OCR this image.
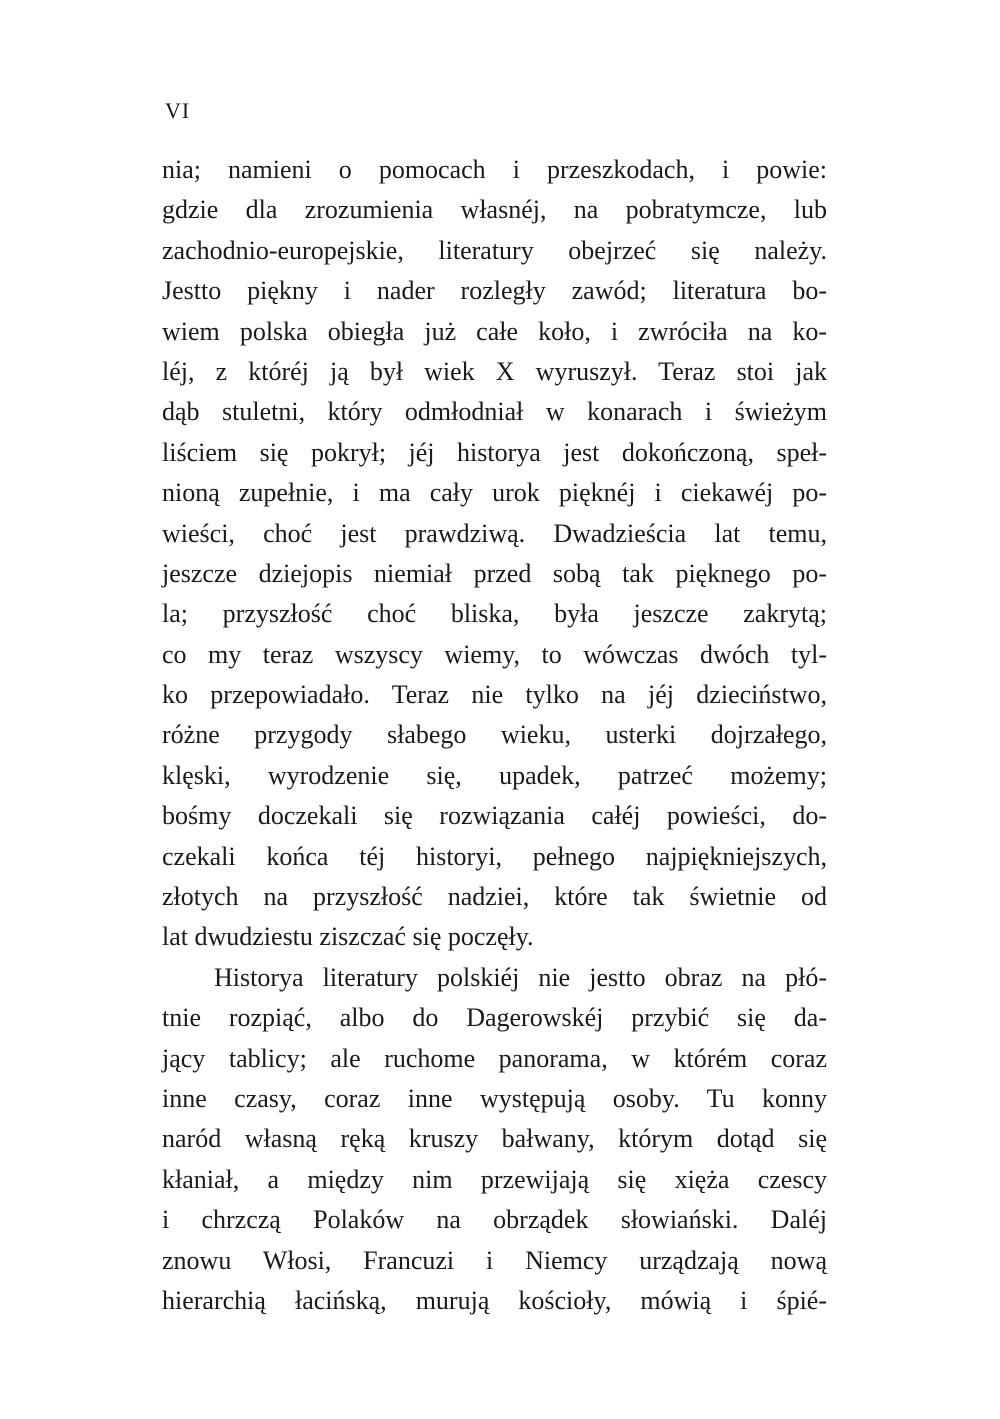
VI
nia; namieni o pomocach i przeszkodach, i powie:
gdzie dla zrozumienia własnéj, na pobratymcze, lub
zachodnio-europejskie, literatury obejrzeć się należy.
Jestto piękny i nader rozległy zawód; literatura bo-
wiem polska obiegła już całe koło, i zwróciła na ko-
léj, z któréj ją był wiek X wyruszył. Teraz stoi jak
dąb stuletni, który odmłodniał w konarach i świeżym
liściem się pokrył; jéj historya jest dokończoną, speł-
nioną zupełnie, i ma cały urok pięknéj i ciekawéj po-
wieści, choć jest prawdziwą. Dwadzieścia lat temu,
jeszcze dziejopis niemiał przed sobą tak pięknego po-
la; przyszłość choć bliska, była jeszcze zakrytą;
co my teraz wszyscy wiemy, to wówczas dwóch tyl-
ko przepowiadało. Teraz nie tylko na jéj dzieciństwo,
różne przygody słabego wieku, usterki dojrzałego,
klęski, wyrodzenie się, upadek, patrzeć możemy;
bośmy doczekali się rozwiązania całéj powieści, do-
czekali końca téj historyi, pełnego najpiękniejszych,
złotych na przyszłość nadziei, które tak świetnie od
lat dwudziestu ziszczać się poczęły.
Historya literatury polskiéj nie jestto obraz na płó-
tnie rozpiąć, albo do Dagerowskéj przybić się da-
jący tablicy; ale ruchome panorama, w którém coraz
inne czasy, coraz inne występują osoby. Tu konny
naród własną ręką kruszy bałwany, którym dotąd się
kłaniał, a między nim przewijają się xięża czescy
i chrzczą Polaków na obrządek słowiański. Daléj
znowu Włosi, Francuzi i Niemcy urządzają nową
hierarchią łacińską, murują kościoły, mówią i śpié-
